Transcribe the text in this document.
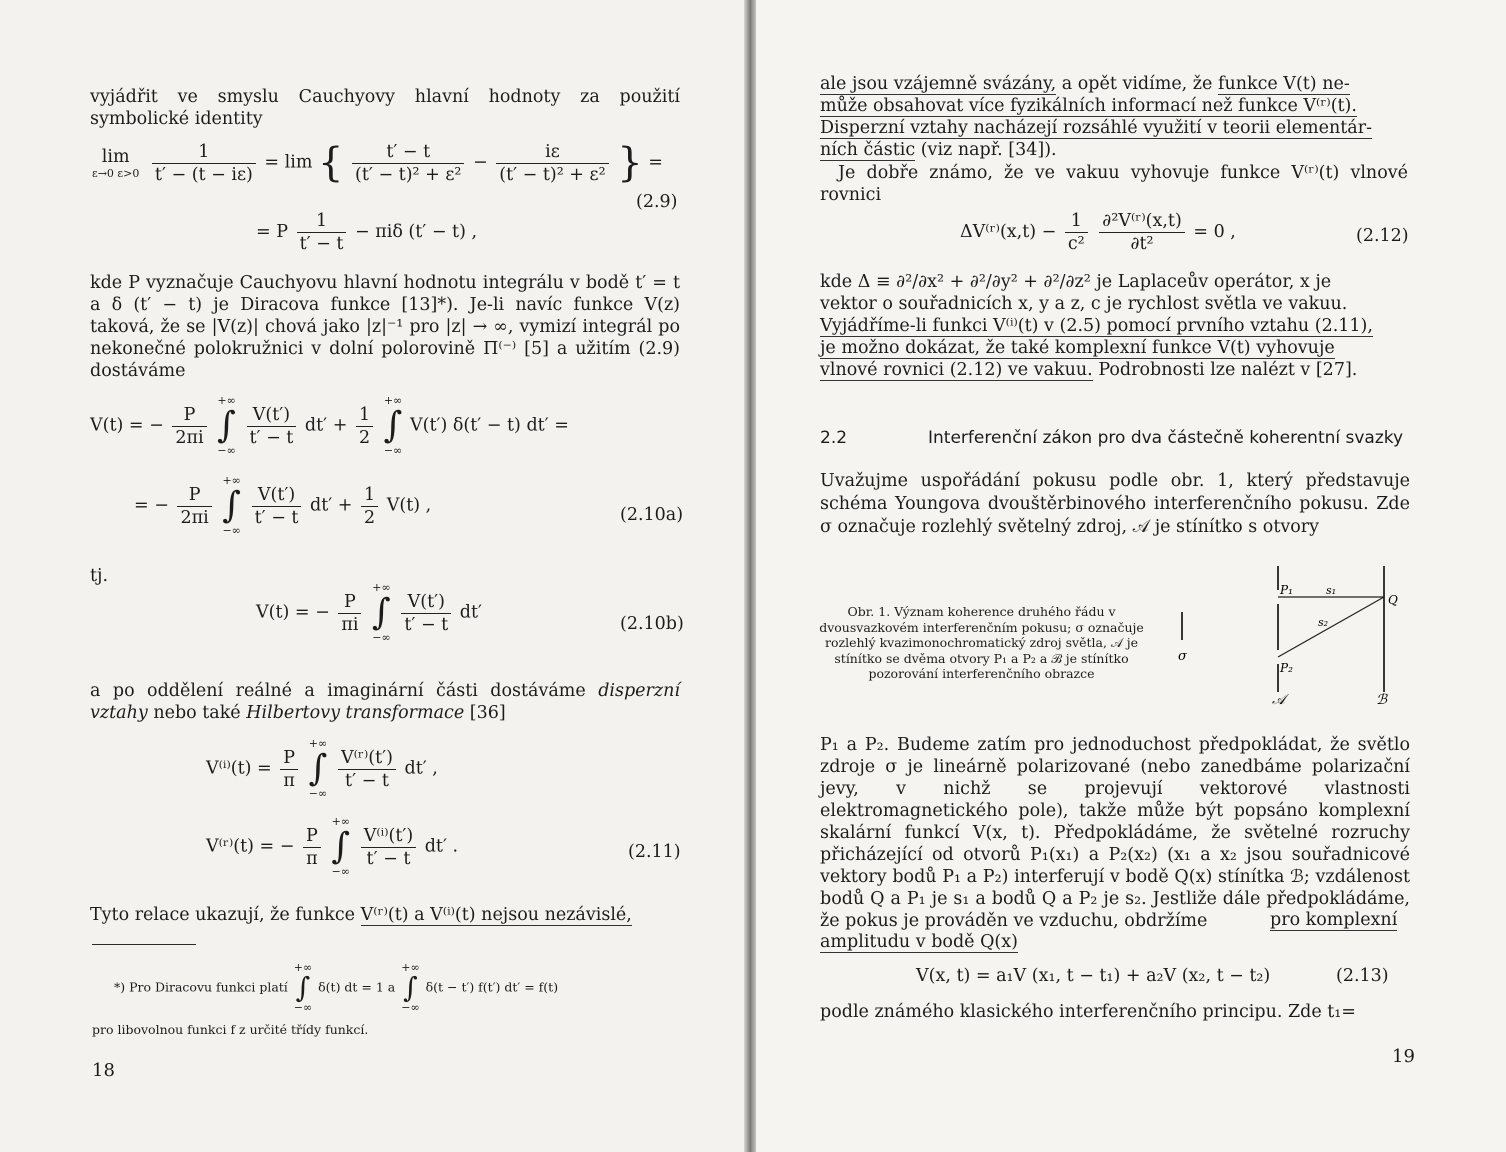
vyjádřit ve smyslu Cauchyovy hlavní hodnoty za použití symbolické identity
lim
ε→0 ε>0
$\frac{1}{t' - (t - i\varepsilon)} = \lim$ { $\frac{t' - t}{\text{(t′ − t)² + ε²}} - \frac{i\varepsilon}{\text{(t′ − t)² + ε²}}$ } =
(2.9)
= P $\frac{1}{t' - t} - \pi i\delta$ (t′ − t) ,
kde P vyznačuje Cauchyovu hlavní hodnotu integrálu v bodě t′ = t a δ (t′ − t) je Diracova funkce [13]*). Je-li navíc funkce V(z) taková, že se |V(z)| chová jako |z|⁻¹ pro |z| → ∞, vymizí integrál po nekonečné polokružnici v dolní polorovině Π⁽⁻⁾ [5] a užitím (2.9) dostáváme
V(t) = − $\frac{P}{2\pi i}$

+∞
∫
−∞

$\frac{V(t')}{t' - t} dt' + \frac{1}{2}$

+∞
∫
−∞
V(t′) δ(t′ − t) dt′ =
= − $\frac{P}{2\pi i}$

+∞
∫
−∞

$\frac{V(t')}{t' - t} dt' + \frac{1}{2} V(t)$ ,	(2.10a)
tj.
V(t) = − $\frac{P}{\pi i}$

+∞
∫
−∞

$\frac{V(t')}{t' - t} dt'$
(2.10b)
a po oddělení reálné a imaginární části dostáváme disperzní vztahy nebo také Hilbertovy transformace [36]
$V^{(i)}(t) = \frac{P}{\pi}$

+∞
∫
−∞

$\frac{\text{V⁽ʳ⁾(t′)}}{t' - t} dt'$ ,
V⁽ʳ⁾(t) = − $\frac{P}{\pi}$

+∞
∫
−∞

$\frac{\text{V⁽ⁱ⁾(t′)}}{t' - t} dt'$ .	(2.11)
Tyto relace ukazují, že funkce V⁽ʳ⁾(t) a V⁽ⁱ⁾(t) nejsou nezávislé,
*) Pro Diracovu funkci platí
+∞
∫
−∞
δ(t) dt = 1 a
+∞
∫
−∞
δ(t − t′) f(t′) dt′ = f(t)
pro libovolnou funkci f z určité třídy funkcí.
18
ale jsou vzájemně svázány, a opět vidíme, že funkce V(t) ne-
může obsahovat více fyzikálních informací než funkce V⁽ʳ⁾(t).
Disperzní vztahy nacházejí rozsáhlé využití v teorii elementár-
ních částic (viz např. [34]).
Je dobře známo, že ve vakuu vyhovuje funkce V⁽ʳ⁾(t) vlnové rovnici
ΔV⁽ʳ⁾(x,t) − $\frac{1}{\text{c²}}$
$\frac{\text{∂²V⁽ʳ⁾(x,t)}}{\text{∂t²}} = 0$ ,	(2.12)
kde Δ ≡ ∂²/∂x² + ∂²/∂y² + ∂²/∂z² je Laplaceův operátor, x je
vektor o souřadnicích x, y a z, c je rychlost světla ve vakuu.
Vyjádříme-li funkci V⁽ⁱ⁾(t) v (2.5) pomocí prvního vztahu (2.11),
je možno dokázat, že také komplexní funkce V(t) vyhovuje
vlnové rovnici (2.12) ve vakuu. Podrobnosti lze nalézt v [27].
2.2	Interferenční zákon pro dva částečně koherentní svazky
Uvažujme uspořádání pokusu podle obr. 1, který představuje schéma Youngova dvouštěrbinového interferenčního pokusu. Zde σ označuje rozlehlý světelný zdroj, 𝒜 je stínítko s otvory
Obr. 1. Význam koherence druhého řádu v dvousvazkovém interferenčním pokusu; σ označuje rozlehlý kvazimonochromatický zdroj světla, 𝒜 je stínítko se dvěma otvory P₁ a P₂ a ℬ je stínítko pozorování interferenčního obrazce
σ
P₁
P₂
s₁
s₂
Q
𝒜	ℬ
P₁ a P₂. Budeme zatím pro jednoduchost předpokládat, že světlo zdroje σ je lineárně polarizované (nebo zanedbáme polarizační jevy, v nichž se projevují vektorové vlastnosti elektromagnetického pole), takže může být popsáno komplexní skalární funkcí V(x, t). Předpokládáme, že světelné rozruchy přicházející od otvorů P₁(x₁) a P₂(x₂) (x₁ a x₂ jsou souřadnicové vektory bodů P₁ a P₂) interferují v bodě Q(x) stínítka ℬ; vzdálenost bodů Q a P₁ je s₁ a bodů Q a P₂ je s₂. Jestliže dále předpokládáme, že pokus je prováděn ve vzduchu, obdržíme	pro komplexní
amplitudu v bodě Q(x)
V(x, t) = a₁V (x₁, t − t₁) + a₂V (x₂, t − t₂)	(2.13)
podle známého klasického interferenčního principu. Zde t₁=
19
